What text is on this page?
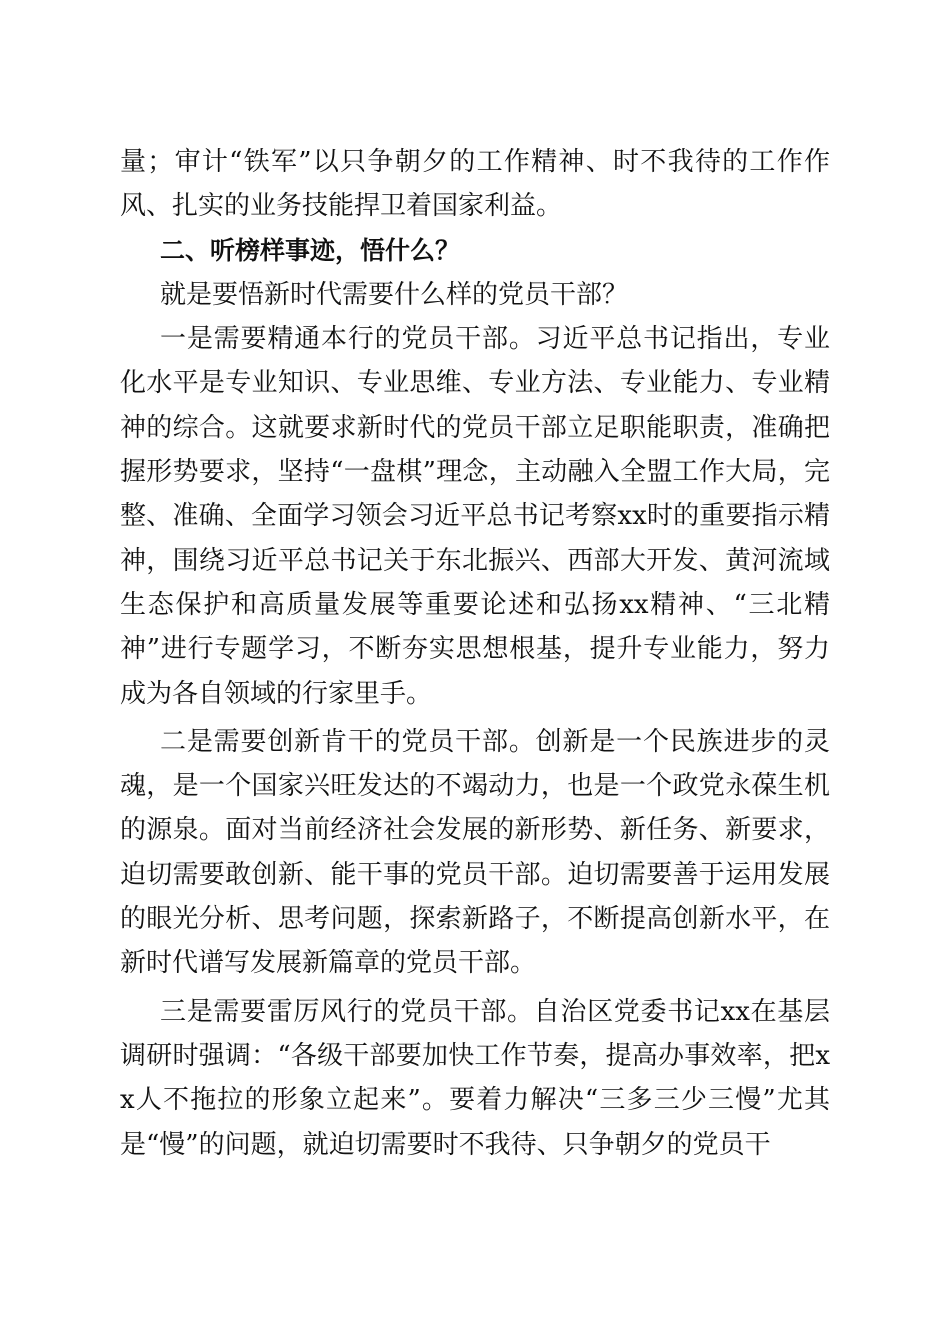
量；审计“铁军”以只争朝夕的工作精神、时不我待的工作作风、扎实的业务技能捍卫着国家利益。

二、听榜样事迹，悟什么？

就是要悟新时代需要什么样的党员干部？

一是需要精通本行的党员干部。习近平总书记指出，专业化水平是专业知识、专业思维、专业方法、专业能力、专业精神的综合。这就要求新时代的党员干部立足职能职责，准确把握形势要求，坚持“一盘棋”理念，主动融入全盟工作大局，完整、准确、全面学习领会习近平总书记考察xx时的重要指示精神，围绕习近平总书记关于东北振兴、西部大开发、黄河流域生态保护和高质量发展等重要论述和弘扬xx精神、“三北精神”进行专题学习，不断夯实思想根基，提升专业能力，努力成为各自领域的行家里手。

二是需要创新肯干的党员干部。创新是一个民族进步的灵魂，是一个国家兴旺发达的不竭动力，也是一个政党永葆生机的源泉。面对当前经济社会发展的新形势、新任务、新要求，迫切需要敢创新、能干事的党员干部。迫切需要善于运用发展的眼光分析、思考问题，探索新路子，不断提高创新水平，在新时代谱写发展新篇章的党员干部。

三是需要雷厉风行的党员干部。自治区党委书记xx在基层调研时强调：“各级干部要加快工作节奏，提高办事效率，把xx人不拖拉的形象立起来”。要着力解决“三多三少三慢”尤其是“慢”的问题，就迫切需要时不我待、只争朝夕的党员干
